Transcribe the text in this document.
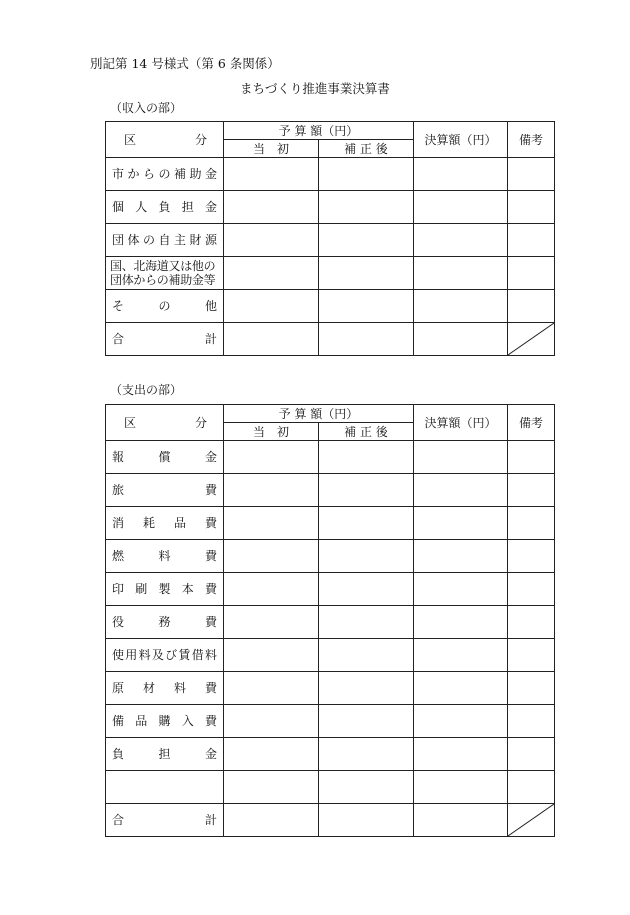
別記第 14 号様式（第 6 条関係）
まちづくり推進事業決算書
（収入の部）
区　分	予 算 額（円）		決算額（円）	備考
	当　初	補 正 後		
市からの補助金				
個人負担金				
団体の自主財源				
国、北海道又は他の団体からの補助金等				
その他				
合計				
（支出の部）
区　分	予 算 額（円）		決算額（円）	備考
	当　初	補 正 後		
報償金				
旅費				
消耗品費				
燃料費				
印刷製本費				
役務費				
使用料及び賃借料				
原材料費				
備品購入費				
負担金				

合計				
